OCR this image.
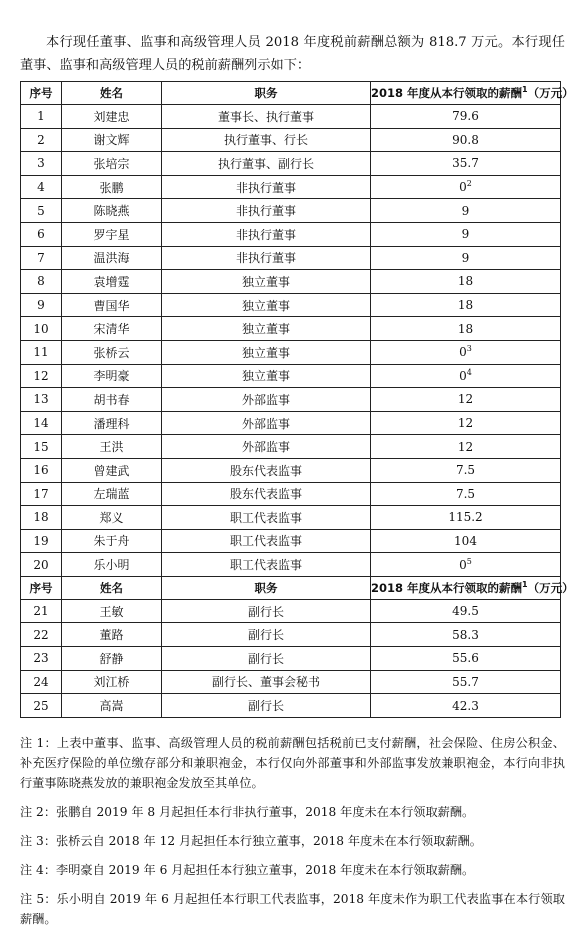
本行现任董事、监事和高级管理人员 2018 年度税前薪酬总额为 818.7 万元。本行现任董事、监事和高级管理人员的税前薪酬列示如下：

序号	姓名	职务	2018 年度从本行领取的薪酬$^1$（万元）
1	刘建忠	董事长、执行董事	79.6
2	谢文辉	执行董事、行长	90.8
3	张培宗	执行董事、副行长	35.7
4	张鹏	非执行董事	$0^2$
5	陈晓燕	非执行董事	9
6	罗宇星	非执行董事	9
7	温洪海	非执行董事	9
8	袁增霆	独立董事	18
9	曹国华	独立董事	18
10	宋清华	独立董事	18
11	张桥云	独立董事	$0^3$
12	李明豪	独立董事	$0^4$
13	胡书春	外部监事	12
14	潘理科	外部监事	12
15	王洪	外部监事	12
16	曾建武	股东代表监事	7.5
17	左瑞蓝	股东代表监事	7.5
18	郑义	职工代表监事	115.2
19	朱于舟	职工代表监事	104
20	乐小明	职工代表监事	$0^5$
序号	姓名	职务	2018 年度从本行领取的薪酬$^1$（万元）
21	王敏	副行长	49.5
22	董路	副行长	58.3
23	舒静	副行长	55.6
24	刘江桥	副行长、董事会秘书	55.7
25	高嵩	副行长	42.3

注 1：上表中董事、监事、高级管理人员的税前薪酬包括税前已支付薪酬，社会保险、住房公积金、补充医疗保险的单位缴存部分和兼职袍金，本行仅向外部董事和外部监事发放兼职袍金，本行向非执行董事陈晓燕发放的兼职袍金发放至其单位。

注 2：张鹏自 2019 年 8 月起担任本行非执行董事，2018 年度未在本行领取薪酬。

注 3：张桥云自 2018 年 12 月起担任本行独立董事，2018 年度未在本行领取薪酬。

注 4：李明豪自 2019 年 6 月起担任本行独立董事，2018 年度未在本行领取薪酬。

注 5：乐小明自 2019 年 6 月起担任本行职工代表监事，2018 年度未作为职工代表监事在本行领取薪酬。
